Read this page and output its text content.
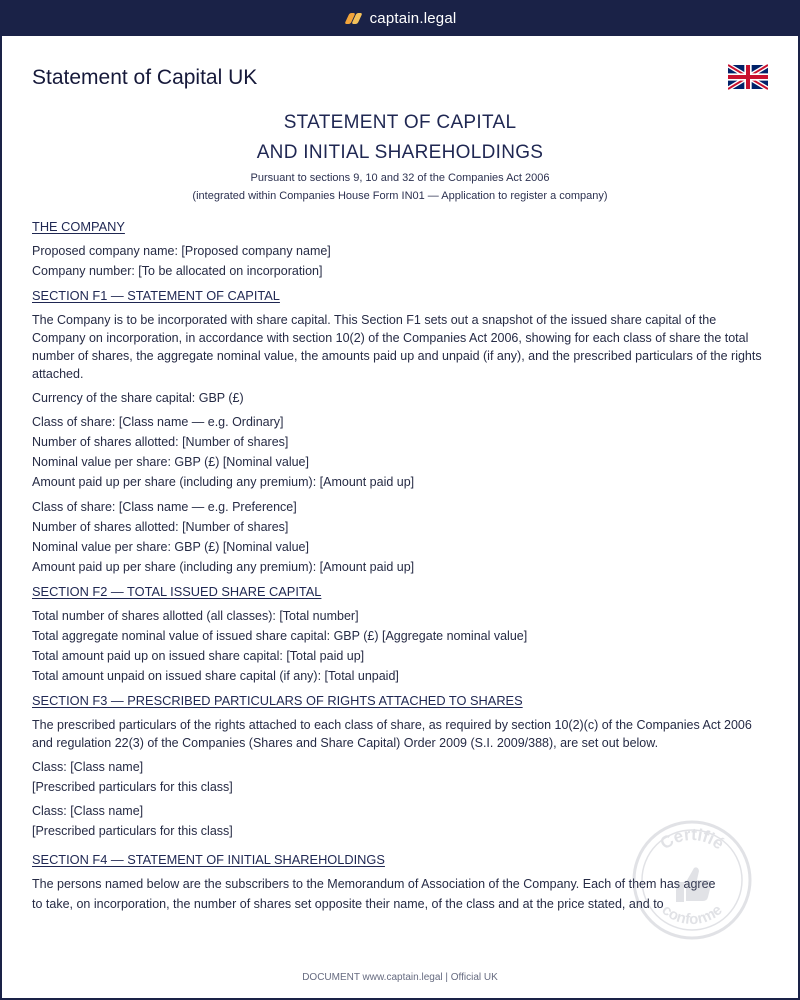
captain.legal
Statement of Capital UK
STATEMENT OF CAPITAL
AND INITIAL SHAREHOLDINGS
Pursuant to sections 9, 10 and 32 of the Companies Act 2006
(integrated within Companies House Form IN01 — Application to register a company)
THE COMPANY
Proposed company name: [Proposed company name]
Company number: [To be allocated on incorporation]
SECTION F1 — STATEMENT OF CAPITAL
The Company is to be incorporated with share capital. This Section F1 sets out a snapshot of the issued share capital of the Company on incorporation, in accordance with section 10(2) of the Companies Act 2006, showing for each class of share the total number of shares, the aggregate nominal value, the amounts paid up and unpaid (if any), and the prescribed particulars of the rights attached.
Currency of the share capital: GBP (£)
Class of share: [Class name — e.g. Ordinary]
Number of shares allotted: [Number of shares]
Nominal value per share: GBP (£) [Nominal value]
Amount paid up per share (including any premium): [Amount paid up]
Class of share: [Class name — e.g. Preference]
Number of shares allotted: [Number of shares]
Nominal value per share: GBP (£) [Nominal value]
Amount paid up per share (including any premium): [Amount paid up]
SECTION F2 — TOTAL ISSUED SHARE CAPITAL
Total number of shares allotted (all classes): [Total number]
Total aggregate nominal value of issued share capital: GBP (£) [Aggregate nominal value]
Total amount paid up on issued share capital: [Total paid up]
Total amount unpaid on issued share capital (if any): [Total unpaid]
SECTION F3 — PRESCRIBED PARTICULARS OF RIGHTS ATTACHED TO SHARES
The prescribed particulars of the rights attached to each class of share, as required by section 10(2)(c) of the Companies Act 2006 and regulation 22(3) of the Companies (Shares and Share Capital) Order 2009 (S.I. 2009/388), are set out below.
Class: [Class name]
[Prescribed particulars for this class]
Class: [Class name]
[Prescribed particulars for this class]
SECTION F4 — STATEMENT OF INITIAL SHAREHOLDINGS
The persons named below are the subscribers to the Memorandum of Association of the Company. Each of them has agree
to take, on incorporation, the number of shares set opposite their name, of the class and at the price stated, and to
Certifié
conforme
DOCUMENT www.captain.legal | Official UK
